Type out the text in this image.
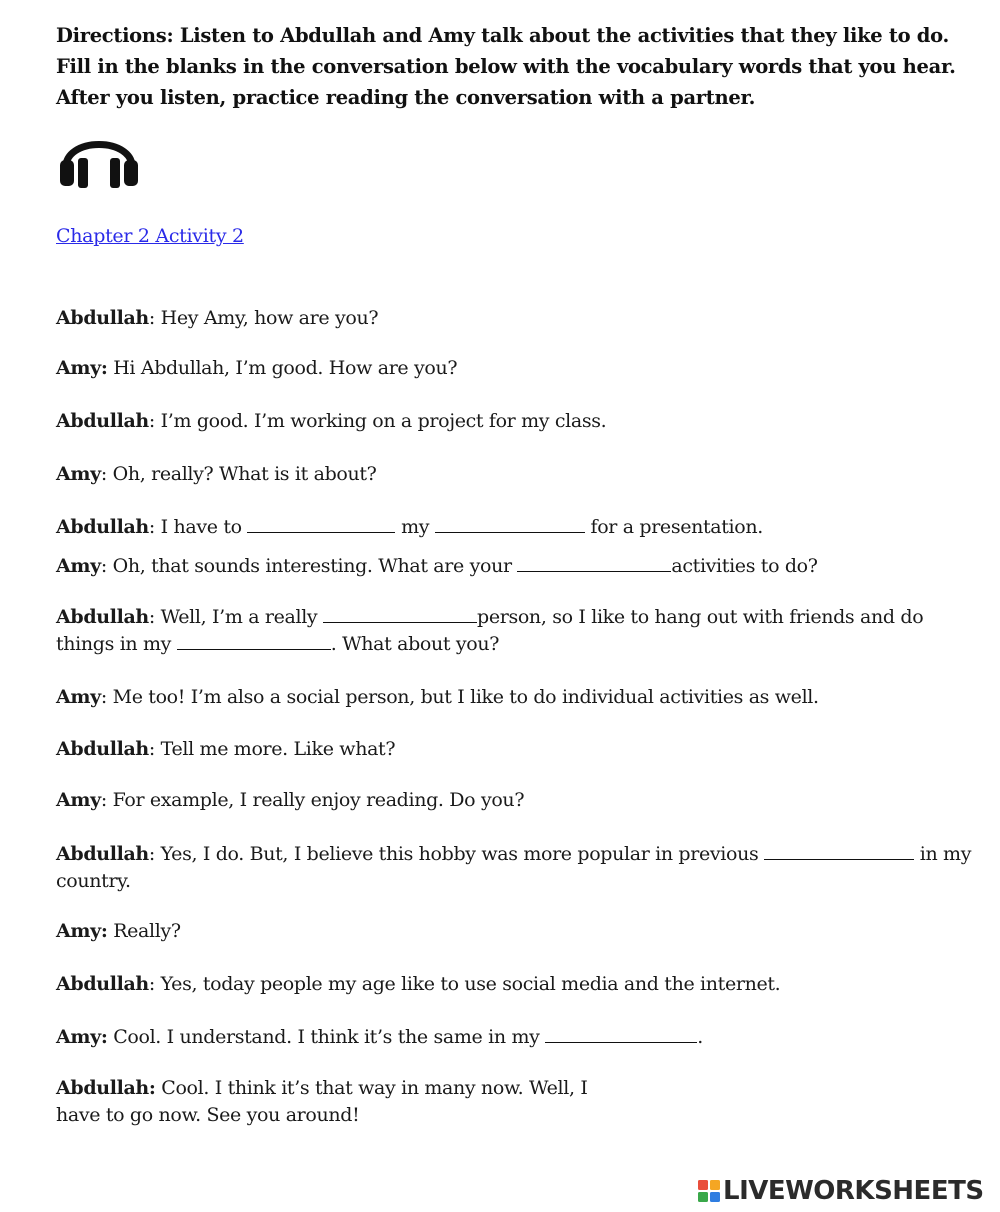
Directions: Listen to Abdullah and Amy talk about the activities that they like to do. Fill in the blanks in the conversation below with the vocabulary words that you hear. After you listen, practice reading the conversation with a partner.
Chapter 2 Activity 2
Abdullah: Hey Amy, how are you?
Amy: Hi Abdullah, I’m good. How are you?
Abdullah: I’m good. I’m working on a project for my class.
Amy: Oh, really? What is it about?
Abdullah: I have to	my	for a presentation.
Amy: Oh, that sounds interesting. What are your	activities to do?
Abdullah: Well, I’m a really	person, so I like to hang out with friends and do things in my	. What about you?
Amy: Me too! I’m also a social person, but I like to do individual activities as well.
Abdullah: Tell me more. Like what?
Amy: For example, I really enjoy reading. Do you?
Abdullah: Yes, I do. But, I believe this hobby was more popular in previous	in my country.
Amy: Really?
Abdullah: Yes, today people my age like to use social media and the internet.
Amy: Cool. I understand. I think it’s the same in my	.
Abdullah: Cool. I think it’s that way in many now. Well, I
have to go now. See you around!
LIVEWORKSHEETS
